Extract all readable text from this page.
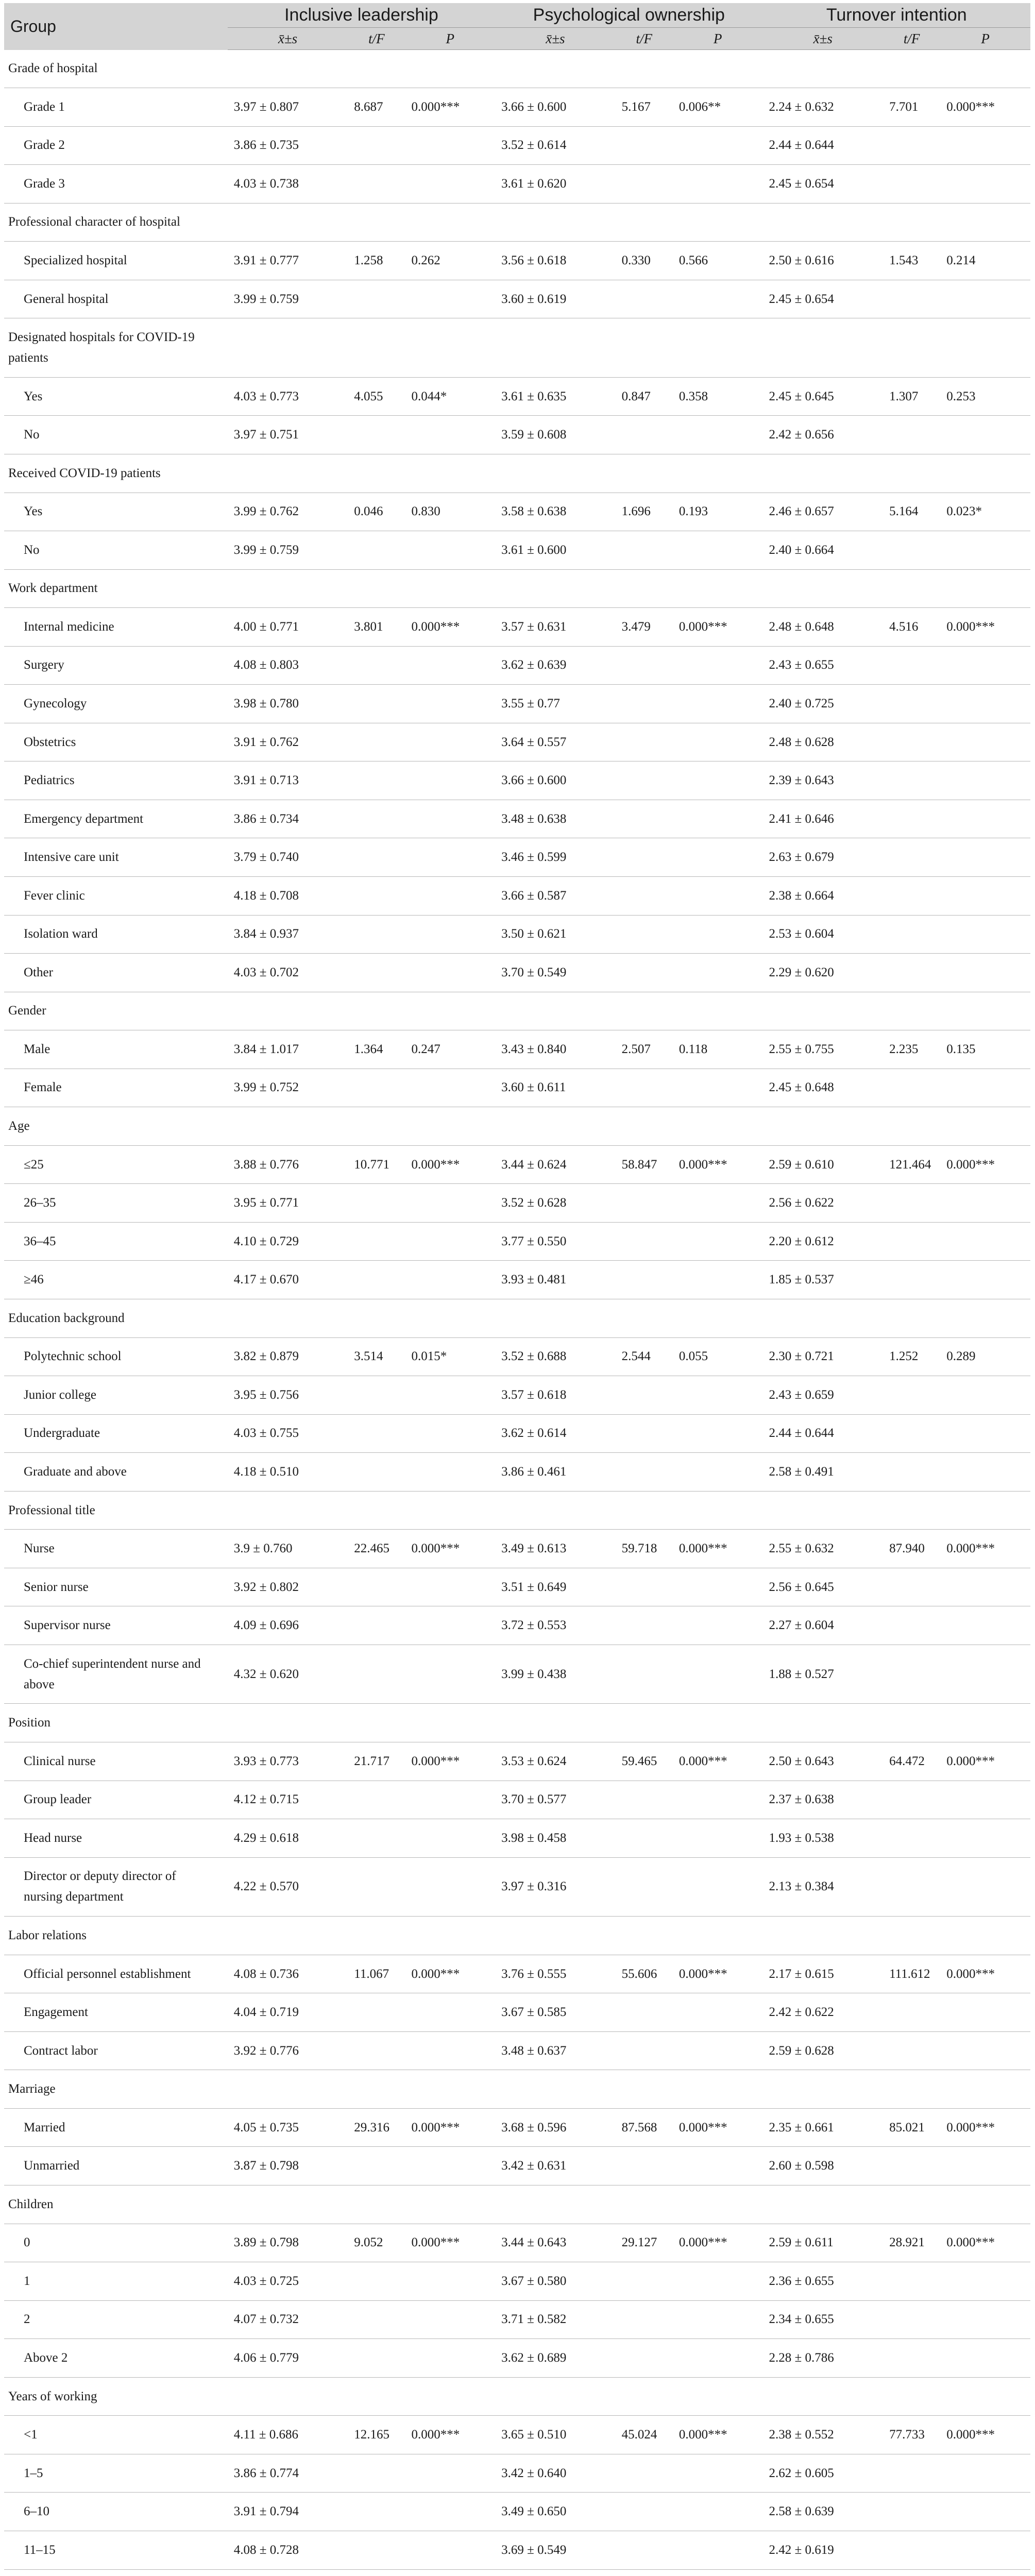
Group	Inclusive leadership			Psychological ownership			Turnover intention		
	x̄±s	t/F	P	x̄±s	t/F	P	x̄±s	t/F	P
Grade of hospital									
Grade 1	3.97 ± 0.807	8.687	0.000***	3.66 ± 0.600	5.167	0.006**	2.24 ± 0.632	7.701	0.000***
Grade 2	3.86 ± 0.735			3.52 ± 0.614			2.44 ± 0.644		
Grade 3	4.03 ± 0.738			3.61 ± 0.620			2.45 ± 0.654		
Professional character of hospital									
Specialized hospital	3.91 ± 0.777	1.258	0.262	3.56 ± 0.618	0.330	0.566	2.50 ± 0.616	1.543	0.214
General hospital	3.99 ± 0.759			3.60 ± 0.619			2.45 ± 0.654		
Designated hospitals for COVID-19 patients									
Yes	4.03 ± 0.773	4.055	0.044*	3.61 ± 0.635	0.847	0.358	2.45 ± 0.645	1.307	0.253
No	3.97 ± 0.751			3.59 ± 0.608			2.42 ± 0.656		
Received COVID-19 patients									
Yes	3.99 ± 0.762	0.046	0.830	3.58 ± 0.638	1.696	0.193	2.46 ± 0.657	5.164	0.023*
No	3.99 ± 0.759			3.61 ± 0.600			2.40 ± 0.664		
Work department									
Internal medicine	4.00 ± 0.771	3.801	0.000***	3.57 ± 0.631	3.479	0.000***	2.48 ± 0.648	4.516	0.000***
Surgery	4.08 ± 0.803			3.62 ± 0.639			2.43 ± 0.655		
Gynecology	3.98 ± 0.780			3.55 ± 0.77			2.40 ± 0.725		
Obstetrics	3.91 ± 0.762			3.64 ± 0.557			2.48 ± 0.628		
Pediatrics	3.91 ± 0.713			3.66 ± 0.600			2.39 ± 0.643		
Emergency department	3.86 ± 0.734			3.48 ± 0.638			2.41 ± 0.646		
Intensive care unit	3.79 ± 0.740			3.46 ± 0.599			2.63 ± 0.679		
Fever clinic	4.18 ± 0.708			3.66 ± 0.587			2.38 ± 0.664		
Isolation ward	3.84 ± 0.937			3.50 ± 0.621			2.53 ± 0.604		
Other	4.03 ± 0.702			3.70 ± 0.549			2.29 ± 0.620		
Gender									
Male	3.84 ± 1.017	1.364	0.247	3.43 ± 0.840	2.507	0.118	2.55 ± 0.755	2.235	0.135
Female	3.99 ± 0.752			3.60 ± 0.611			2.45 ± 0.648		
Age									
≤25	3.88 ± 0.776	10.771	0.000***	3.44 ± 0.624	58.847	0.000***	2.59 ± 0.610	121.464	0.000***
26–35	3.95 ± 0.771			3.52 ± 0.628			2.56 ± 0.622		
36–45	4.10 ± 0.729			3.77 ± 0.550			2.20 ± 0.612		
≥46	4.17 ± 0.670			3.93 ± 0.481			1.85 ± 0.537		
Education background									
Polytechnic school	3.82 ± 0.879	3.514	0.015*	3.52 ± 0.688	2.544	0.055	2.30 ± 0.721	1.252	0.289
Junior college	3.95 ± 0.756			3.57 ± 0.618			2.43 ± 0.659		
Undergraduate	4.03 ± 0.755			3.62 ± 0.614			2.44 ± 0.644		
Graduate and above	4.18 ± 0.510			3.86 ± 0.461			2.58 ± 0.491		
Professional title									
Nurse	3.9 ± 0.760	22.465	0.000***	3.49 ± 0.613	59.718	0.000***	2.55 ± 0.632	87.940	0.000***
Senior nurse	3.92 ± 0.802			3.51 ± 0.649			2.56 ± 0.645		
Supervisor nurse	4.09 ± 0.696			3.72 ± 0.553			2.27 ± 0.604		
Co-chief superintendent nurse and above	4.32 ± 0.620			3.99 ± 0.438			1.88 ± 0.527		
Position									
Clinical nurse	3.93 ± 0.773	21.717	0.000***	3.53 ± 0.624	59.465	0.000***	2.50 ± 0.643	64.472	0.000***
Group leader	4.12 ± 0.715			3.70 ± 0.577			2.37 ± 0.638		
Head nurse	4.29 ± 0.618			3.98 ± 0.458			1.93 ± 0.538		
Director or deputy director of nursing department	4.22 ± 0.570			3.97 ± 0.316			2.13 ± 0.384		
Labor relations									
Official personnel establishment	4.08 ± 0.736	11.067	0.000***	3.76 ± 0.555	55.606	0.000***	2.17 ± 0.615	111.612	0.000***
Engagement	4.04 ± 0.719			3.67 ± 0.585			2.42 ± 0.622		
Contract labor	3.92 ± 0.776			3.48 ± 0.637			2.59 ± 0.628		
Marriage									
Married	4.05 ± 0.735	29.316	0.000***	3.68 ± 0.596	87.568	0.000***	2.35 ± 0.661	85.021	0.000***
Unmarried	3.87 ± 0.798			3.42 ± 0.631			2.60 ± 0.598		
Children									
0	3.89 ± 0.798	9.052	0.000***	3.44 ± 0.643	29.127	0.000***	2.59 ± 0.611	28.921	0.000***
1	4.03 ± 0.725			3.67 ± 0.580			2.36 ± 0.655		
2	4.07 ± 0.732			3.71 ± 0.582			2.34 ± 0.655		
Above 2	4.06 ± 0.779			3.62 ± 0.689			2.28 ± 0.786		
Years of working									
<1	4.11 ± 0.686	12.165	0.000***	3.65 ± 0.510	45.024	0.000***	2.38 ± 0.552	77.733	0.000***
1–5	3.86 ± 0.774			3.42 ± 0.640			2.62 ± 0.605		
6–10	3.91 ± 0.794			3.49 ± 0.650			2.58 ± 0.639		
11–15	4.08 ± 0.728			3.69 ± 0.549			2.42 ± 0.619		
